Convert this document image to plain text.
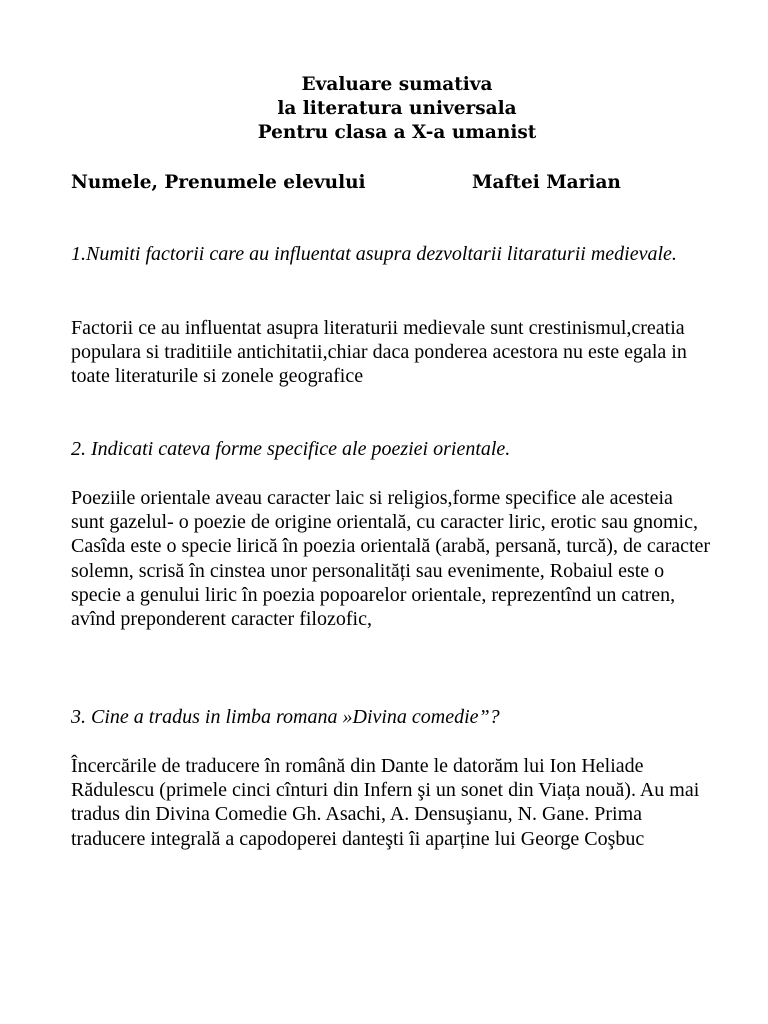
Evaluare sumativa
la literatura universala
Pentru clasa a X-a umanist
Numele, Prenumele elevului	Maftei Marian

1.Numiti factorii care au influentat asupra dezvoltarii litaraturii medievale.

Factorii ce au influentat asupra literaturii medievale sunt crestinismul,creatia populara si traditiile antichitatii,chiar daca ponderea acestora nu este egala in toate literaturile si zonele geografice

2. Indicati cateva forme specifice ale poeziei orientale.

Poeziile orientale aveau caracter laic si religios,forme specifice ale acesteia sunt gazelul- o poezie de origine orientală, cu caracter liric, erotic sau gnomic, Casîda este o specie lirică în poezia orientală (arabă, persană, turcă), de caracter solemn, scrisă în cinstea unor personalități sau evenimente, Robaiul este o specie a genului liric în poezia popoarelor orientale, reprezentînd un catren, avînd preponderent caracter filozofic,

3. Cine a tradus in limba romana »Divina comedie”?

Încercările de traducere în română din Dante le datorăm lui Ion Heliade Rădulescu (primele cinci cînturi din Infern şi un sonet din Viața nouă). Au mai tradus din Divina Comedie Gh. Asachi, A. Densuşianu, N. Gane. Prima traducere integrală a capodoperei danteşti îi aparține lui George Coşbuc
